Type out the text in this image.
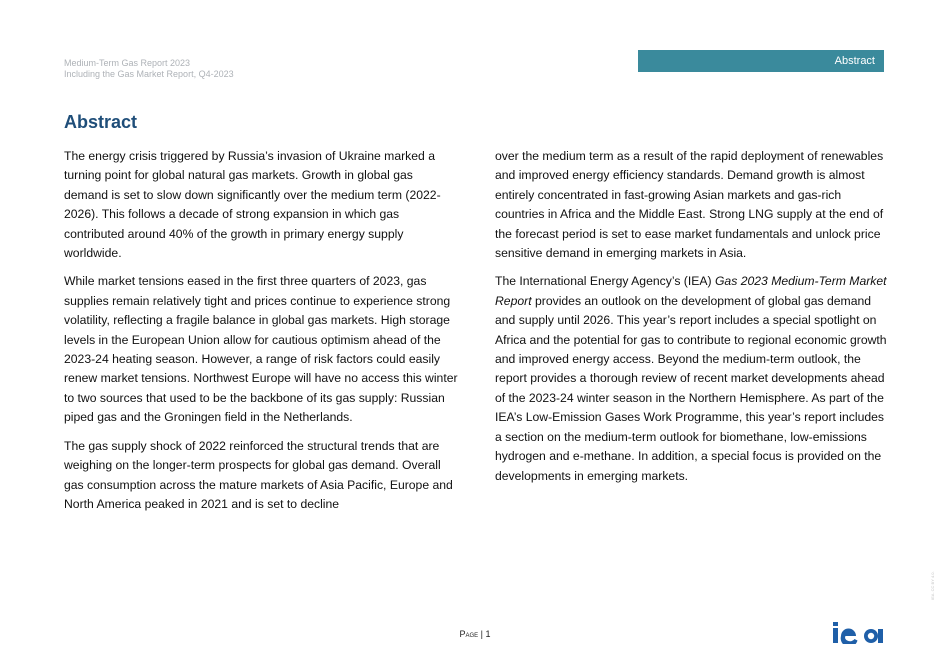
Medium-Term Gas Report 2023
Including the Gas Market Report, Q4-2023
Abstract
Abstract

The energy crisis triggered by Russia’s invasion of Ukraine marked a turning point for global natural gas markets. Growth in global gas demand is set to slow down significantly over the medium term (2022-2026). This follows a decade of strong expansion in which gas contributed around 40% of the growth in primary energy supply worldwide.

While market tensions eased in the first three quarters of 2023, gas supplies remain relatively tight and prices continue to experience strong volatility, reflecting a fragile balance in global gas markets. High storage levels in the European Union allow for cautious optimism ahead of the 2023-24 heating season. However, a range of risk factors could easily renew market tensions. Northwest Europe will have no access this winter to two sources that used to be the backbone of its gas supply: Russian piped gas and the Groningen field in the Netherlands.

The gas supply shock of 2022 reinforced the structural trends that are weighing on the longer-term prospects for global gas demand. Overall gas consumption across the mature markets of Asia Pacific, Europe and North America peaked in 2021 and is set to decline

over the medium term as a result of the rapid deployment of renewables and improved energy efficiency standards. Demand growth is almost entirely concentrated in fast-growing Asian markets and gas-rich countries in Africa and the Middle East. Strong LNG supply at the end of the forecast period is set to ease market fundamentals and unlock price sensitive demand in emerging markets in Asia.

The International Energy Agency’s (IEA) Gas 2023 Medium-Term Market Report provides an outlook on the development of global gas demand and supply until 2026. This year’s report includes a special spotlight on Africa and the potential for gas to contribute to regional economic growth and improved energy access. Beyond the medium-term outlook, the report provides a thorough review of recent market developments ahead of the 2023-24 winter season in the Northern Hemisphere. As part of the IEA’s Low-Emission Gases Work Programme, this year’s report includes a section on the medium-term outlook for biomethane, low-emissions hydrogen and e-methane. In addition, a special focus is provided on the developments in emerging markets.

Page | 1
IEA. CC BY 4.0.
